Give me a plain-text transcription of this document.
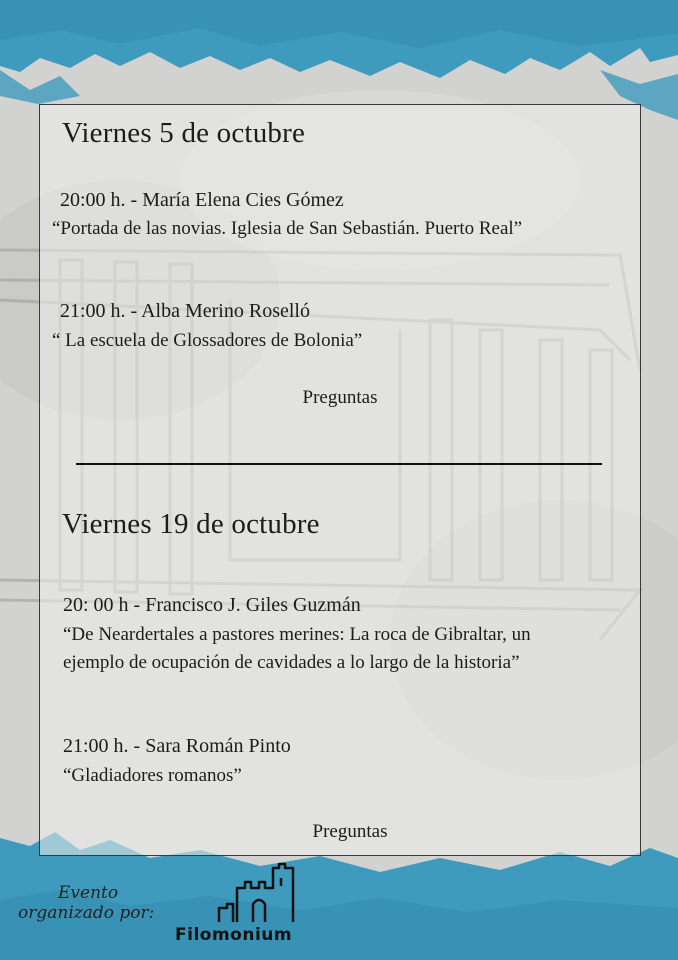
Viernes 5 de octubre
20:00 h. - María Elena Cies Gómez
“Portada de las novias. Iglesia de San Sebastián. Puerto Real”
21:00 h. - Alba Merino Roselló
“ La escuela de Glossadores de Bolonia”
Preguntas
Viernes 19 de octubre
20: 00 h - Francisco J. Giles Guzmán
“De Neardertales a pastores merines: La roca de Gibraltar, un
ejemplo de ocupación de cavidades a lo largo de la historia”
21:00 h. - Sara Román Pinto
“Gladiadores romanos”
Preguntas
Evento
organizado por:
Filomonium
